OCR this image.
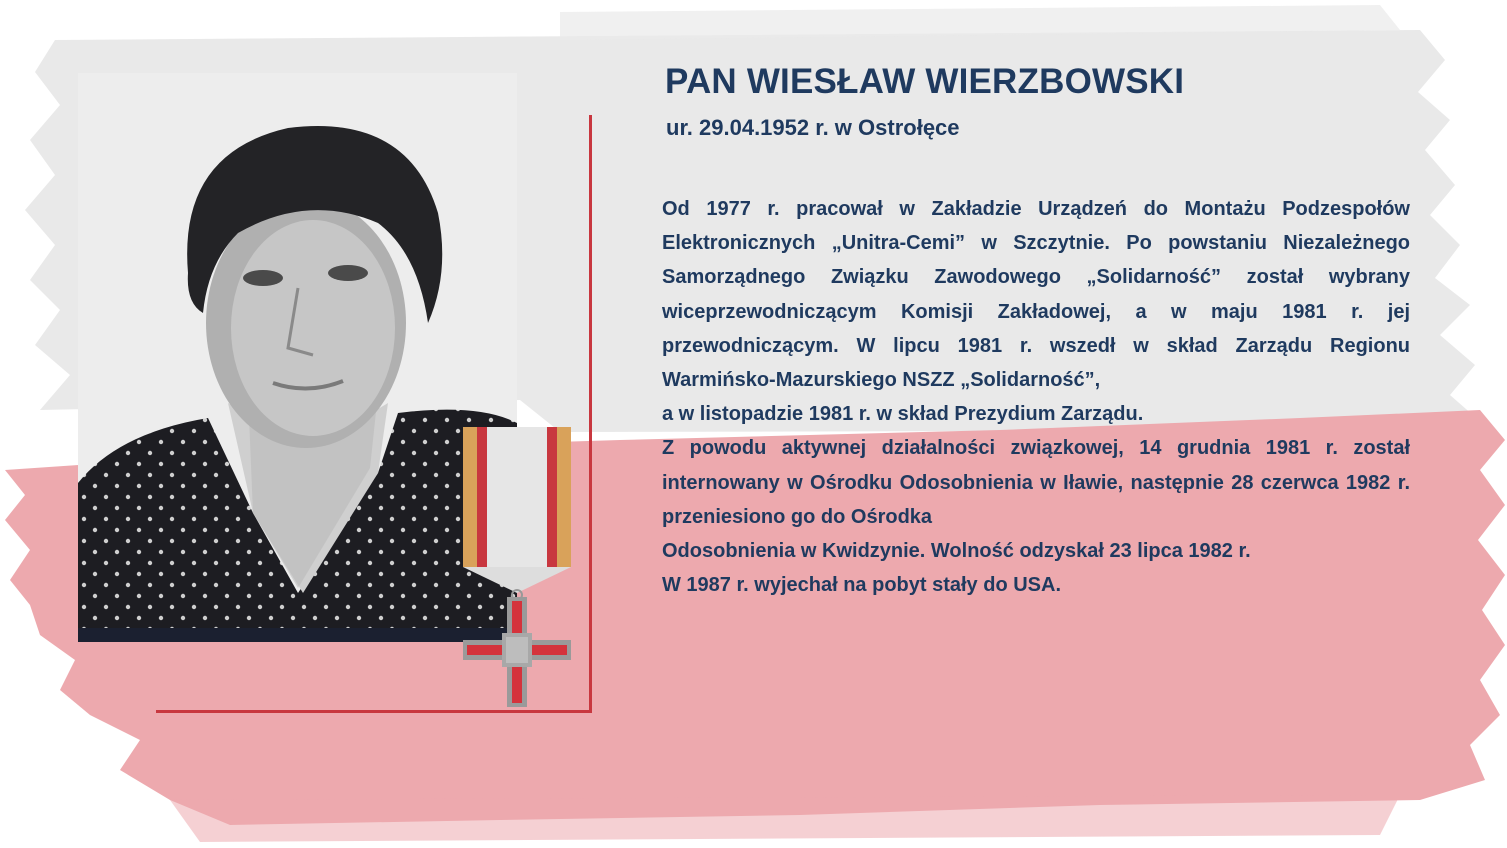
PAN WIESŁAW WIERZBOWSKI

ur. 29.04.1952 r. w Ostrołęce

Od 1977 r. pracował w Zakładzie Urządzeń do Montażu Podzespołów Elektronicznych „Unitra-Cemi” w Szczytnie. Po powstaniu Niezależnego Samorządnego Związku Zawodowego „Solidarność” został wybrany wiceprzewodniczącym Komisji Zakładowej, a w maju 1981 r. jej przewodniczącym. W lipcu 1981 r. wszedł w skład Zarządu Regionu Warmińsko-Mazurskiego NSZZ „Solidarność”,

a w listopadzie 1981 r. w skład Prezydium Zarządu.

Z powodu aktywnej działalności związkowej, 14 grudnia 1981 r. został internowany w Ośrodku Odosobnienia w Iławie, następnie 28 czerwca 1982 r. przeniesiono go do Ośrodka

Odosobnienia w Kwidzynie. Wolność odzyskał 23 lipca 1982 r.

W 1987 r. wyjechał na pobyt stały do USA.
